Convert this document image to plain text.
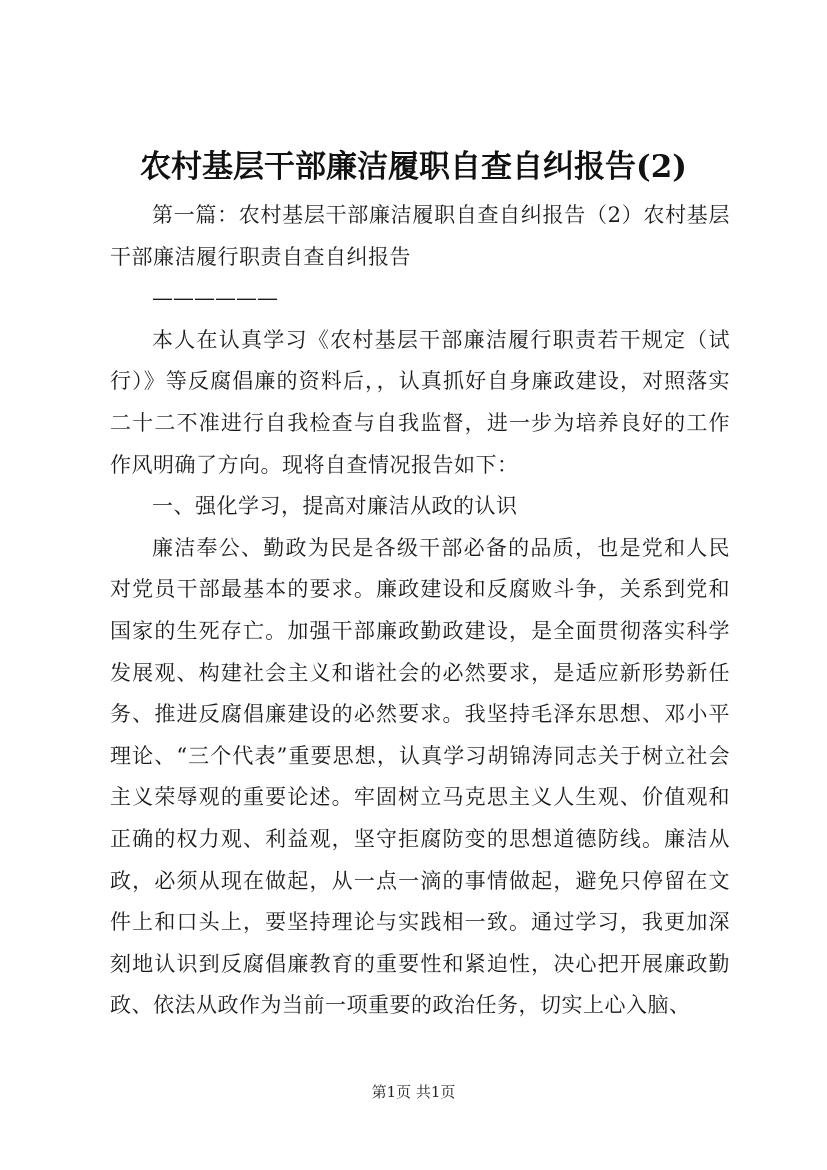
农村基层干部廉洁履职自查自纠报告(2)

第一篇：农村基层干部廉洁履职自查自纠报告（2）农村基层干部廉洁履行职责自查自纠报告

——————

本人在认真学习《农村基层干部廉洁履行职责若干规定（试行）》等反腐倡廉的资料后，，认真抓好自身廉政建设，对照落实二十二不准进行自我检查与自我监督，进一步为培养良好的工作作风明确了方向。现将自查情况报告如下：

一、强化学习，提高对廉洁从政的认识

廉洁奉公、勤政为民是各级干部必备的品质，也是党和人民对党员干部最基本的要求。廉政建设和反腐败斗争，关系到党和国家的生死存亡。加强干部廉政勤政建设，是全面贯彻落实科学发展观、构建社会主义和谐社会的必然要求，是适应新形势新任务、推进反腐倡廉建设的必然要求。我坚持毛泽东思想、邓小平理论、“三个代表”重要思想，认真学习胡锦涛同志关于树立社会主义荣辱观的重要论述。牢固树立马克思主义人生观、价值观和正确的权力观、利益观，坚守拒腐防变的思想道德防线。廉洁从政，必须从现在做起，从一点一滴的事情做起，避免只停留在文件上和口头上，要坚持理论与实践相一致。通过学习，我更加深刻地认识到反腐倡廉教育的重要性和紧迫性，决心把开展廉政勤政、依法从政作为当前一项重要的政治任务，切实上心入脑、

第1页 共1页
